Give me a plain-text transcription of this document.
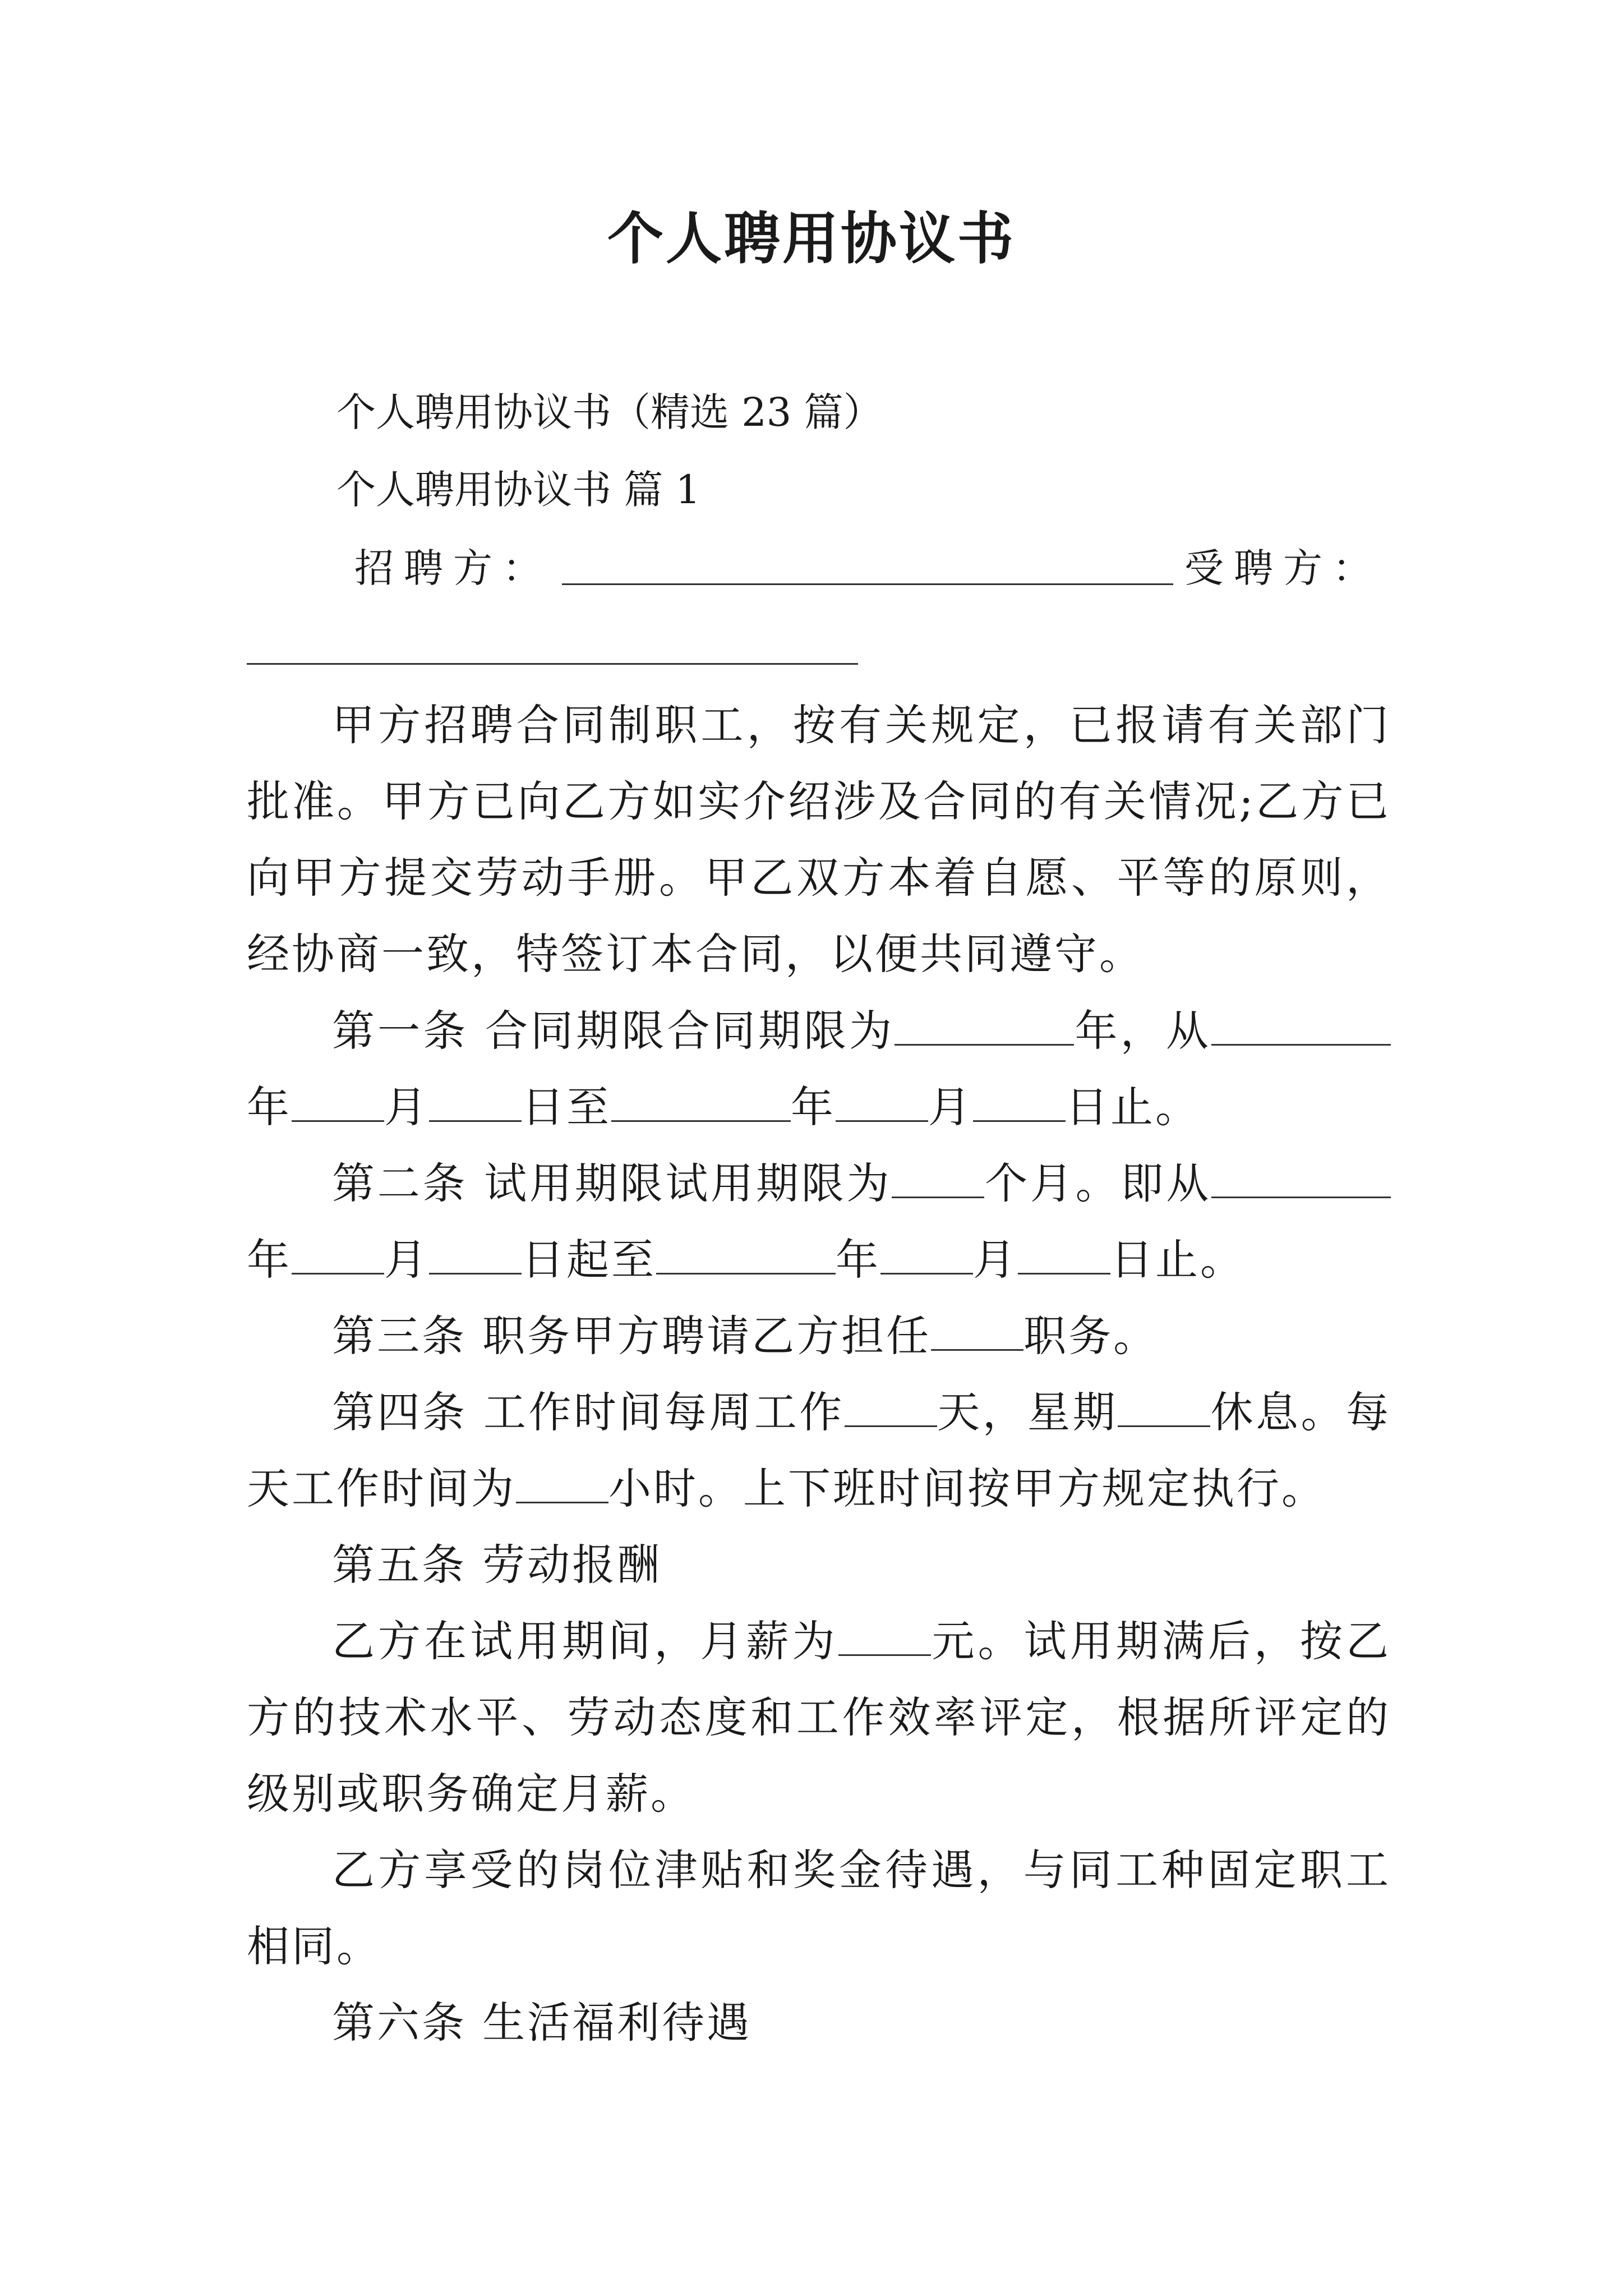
个人聘用协议书
个人聘用协议书（精选 23 篇）
个人聘用协议书 篇 1
招聘方：	受聘方：
甲方招聘合同制职工，按有关规定，已报请有关部门批准。甲方已向乙方如实介绍涉及合同的有关情况;乙方已向甲方提交劳动手册。甲乙双方本着自愿、平等的原则，经协商一致，特签订本合同，以便共同遵守。
第一条 合同期限合同期限为	年，从年 月 日至	年 月 日止。
第二条 试用期限试用期限为 个月。即从年 月 日起至	年 月 日止。
第三条 职务甲方聘请乙方担任 职务。
第四条 工作时间每周工作 天，星期 休息。每天工作时间为 小时。上下班时间按甲方规定执行。
第五条 劳动报酬
乙方在试用期间，月薪为 元。试用期满后，按乙方的技术水平、劳动态度和工作效率评定，根据所评定的级别或职务确定月薪。
乙方享受的岗位津贴和奖金待遇，与同工种固定职工相同。
第六条 生活福利待遇
